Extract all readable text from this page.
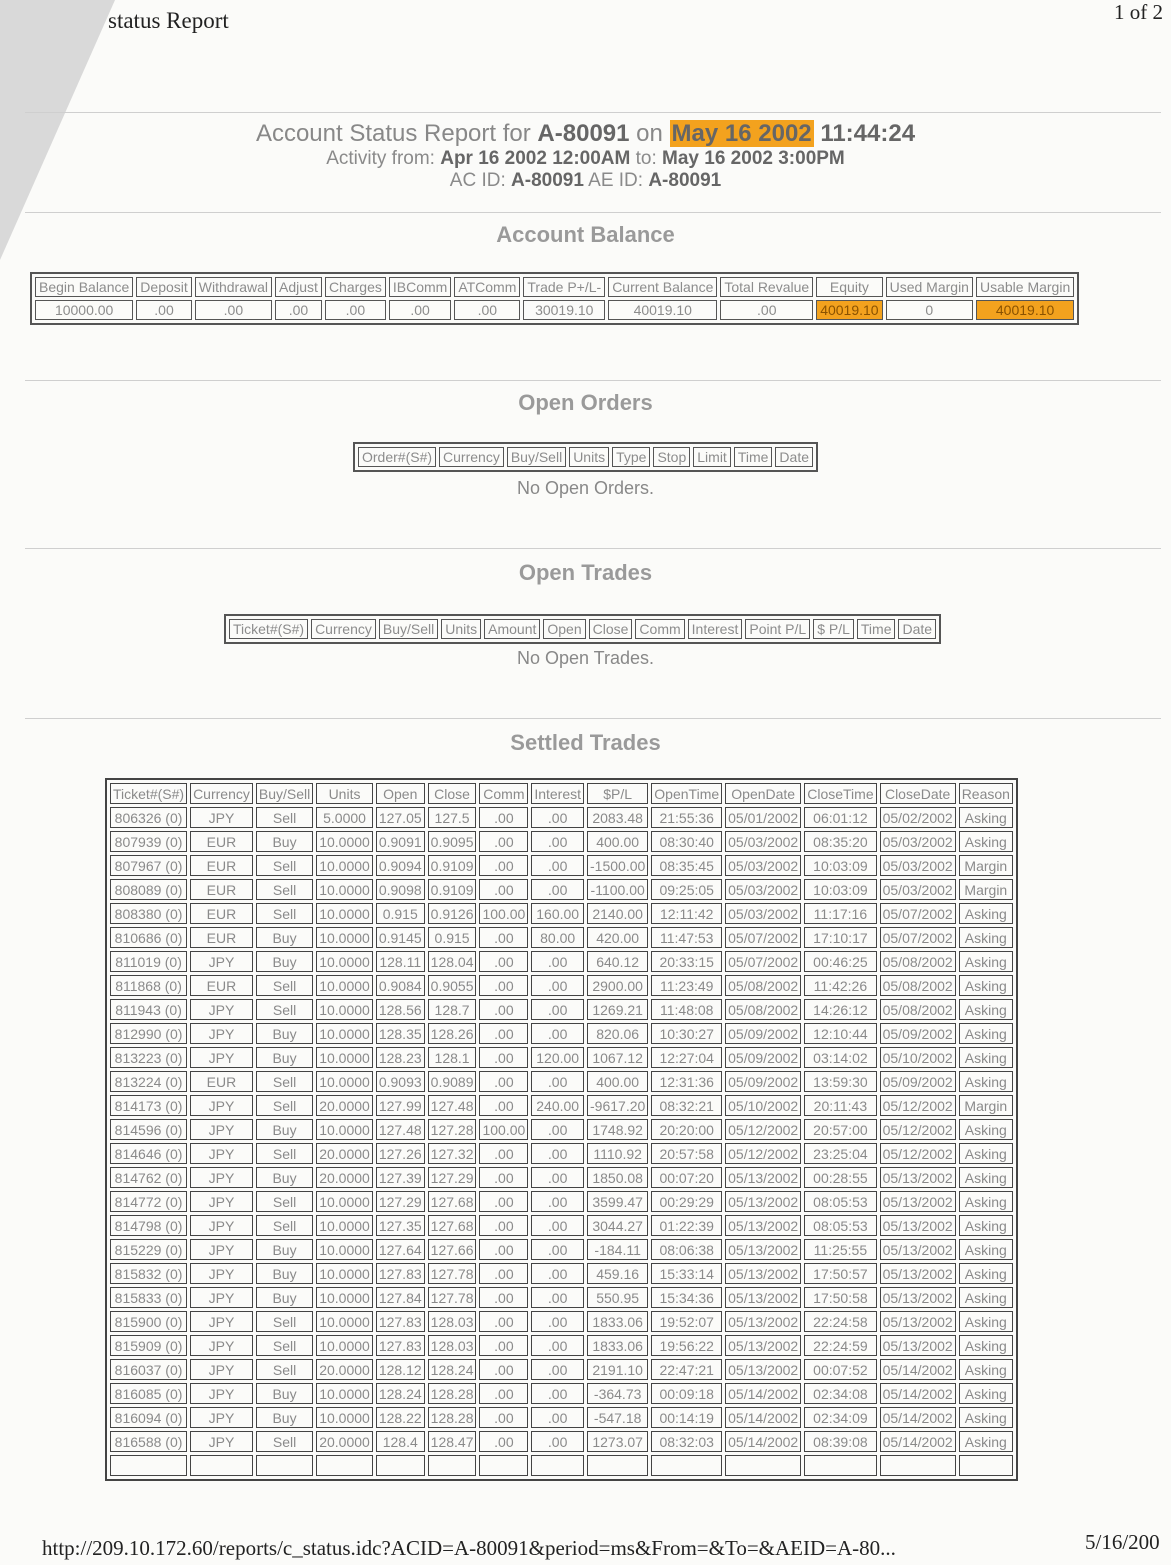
status Report	1 of 2
Account Status Report for A-80091 on May 16 2002 11:44:24
Activity from: Apr 16 2002 12:00AM to: May 16 2002 3:00PM
AC ID: A-80091 AE ID: A-80091
Account Balance
Begin Balance	Deposit	Withdrawal	Adjust	Charges	IBComm	ATComm	Trade P+/L-	Current Balance	Total Revalue	Equity	Used Margin	Usable Margin
10000.00	.00	.00	.00	.00	.00	.00	30019.10	40019.10	.00	40019.10	0	40019.10
Open Orders
Order#(S#)	Currency	Buy/Sell	Units	Type	Stop	Limit	Time	Date
No Open Orders.
Open Trades
Ticket#(S#)	Currency	Buy/Sell	Units	Amount	Open	Close	Comm	Interest	Point P/L	$ P/L	Time	Date
No Open Trades.
Settled Trades
Ticket#(S#)	Currency	Buy/Sell	Units	Open	Close	Comm	Interest	$P/L	OpenTime	OpenDate	CloseTime	CloseDate	Reason
806326 (0)	JPY	Sell	5.0000	127.05	127.5	.00	.00	2083.48	21:55:36	05/01/2002	06:01:12	05/02/2002	Asking
807939 (0)	EUR	Buy	10.0000	0.9091	0.9095	.00	.00	400.00	08:30:40	05/03/2002	08:35:20	05/03/2002	Asking
807967 (0)	EUR	Sell	10.0000	0.9094	0.9109	.00	.00	-1500.00	08:35:45	05/03/2002	10:03:09	05/03/2002	Margin
808089 (0)	EUR	Sell	10.0000	0.9098	0.9109	.00	.00	-1100.00	09:25:05	05/03/2002	10:03:09	05/03/2002	Margin
808380 (0)	EUR	Sell	10.0000	0.915	0.9126	100.00	160.00	2140.00	12:11:42	05/03/2002	11:17:16	05/07/2002	Asking
810686 (0)	EUR	Buy	10.0000	0.9145	0.915	.00	80.00	420.00	11:47:53	05/07/2002	17:10:17	05/07/2002	Asking
811019 (0)	JPY	Buy	10.0000	128.11	128.04	.00	.00	640.12	20:33:15	05/07/2002	00:46:25	05/08/2002	Asking
811868 (0)	EUR	Sell	10.0000	0.9084	0.9055	.00	.00	2900.00	11:23:49	05/08/2002	11:42:26	05/08/2002	Asking
811943 (0)	JPY	Sell	10.0000	128.56	128.7	.00	.00	1269.21	11:48:08	05/08/2002	14:26:12	05/08/2002	Asking
812990 (0)	JPY	Buy	10.0000	128.35	128.26	.00	.00	820.06	10:30:27	05/09/2002	12:10:44	05/09/2002	Asking
813223 (0)	JPY	Buy	10.0000	128.23	128.1	.00	120.00	1067.12	12:27:04	05/09/2002	03:14:02	05/10/2002	Asking
813224 (0)	EUR	Sell	10.0000	0.9093	0.9089	.00	.00	400.00	12:31:36	05/09/2002	13:59:30	05/09/2002	Asking
814173 (0)	JPY	Sell	20.0000	127.99	127.48	.00	240.00	-9617.20	08:32:21	05/10/2002	20:11:43	05/12/2002	Margin
814596 (0)	JPY	Buy	10.0000	127.48	127.28	100.00	.00	1748.92	20:20:00	05/12/2002	20:57:00	05/12/2002	Asking
814646 (0)	JPY	Sell	20.0000	127.26	127.32	.00	.00	1110.92	20:57:58	05/12/2002	23:25:04	05/12/2002	Asking
814762 (0)	JPY	Buy	20.0000	127.39	127.29	.00	.00	1850.08	00:07:20	05/13/2002	00:28:55	05/13/2002	Asking
814772 (0)	JPY	Sell	10.0000	127.29	127.68	.00	.00	3599.47	00:29:29	05/13/2002	08:05:53	05/13/2002	Asking
814798 (0)	JPY	Sell	10.0000	127.35	127.68	.00	.00	3044.27	01:22:39	05/13/2002	08:05:53	05/13/2002	Asking
815229 (0)	JPY	Buy	10.0000	127.64	127.66	.00	.00	-184.11	08:06:38	05/13/2002	11:25:55	05/13/2002	Asking
815832 (0)	JPY	Buy	10.0000	127.83	127.78	.00	.00	459.16	15:33:14	05/13/2002	17:50:57	05/13/2002	Asking
815833 (0)	JPY	Buy	10.0000	127.84	127.78	.00	.00	550.95	15:34:36	05/13/2002	17:50:58	05/13/2002	Asking
815900 (0)	JPY	Sell	10.0000	127.83	128.03	.00	.00	1833.06	19:52:07	05/13/2002	22:24:58	05/13/2002	Asking
815909 (0)	JPY	Sell	10.0000	127.83	128.03	.00	.00	1833.06	19:56:22	05/13/2002	22:24:59	05/13/2002	Asking
816037 (0)	JPY	Sell	20.0000	128.12	128.24	.00	.00	2191.10	22:47:21	05/13/2002	00:07:52	05/14/2002	Asking
816085 (0)	JPY	Buy	10.0000	128.24	128.28	.00	.00	-364.73	00:09:18	05/14/2002	02:34:08	05/14/2002	Asking
816094 (0)	JPY	Buy	10.0000	128.22	128.28	.00	.00	-547.18	00:14:19	05/14/2002	02:34:09	05/14/2002	Asking
816588 (0)	JPY	Sell	20.0000	128.4	128.47	.00	.00	1273.07	08:32:03	05/14/2002	08:39:08	05/14/2002	Asking

http://209.10.172.60/reports/c_status.idc?ACID=A-80091&period=ms&From=&To=&AEID=A-80...	5/16/200
